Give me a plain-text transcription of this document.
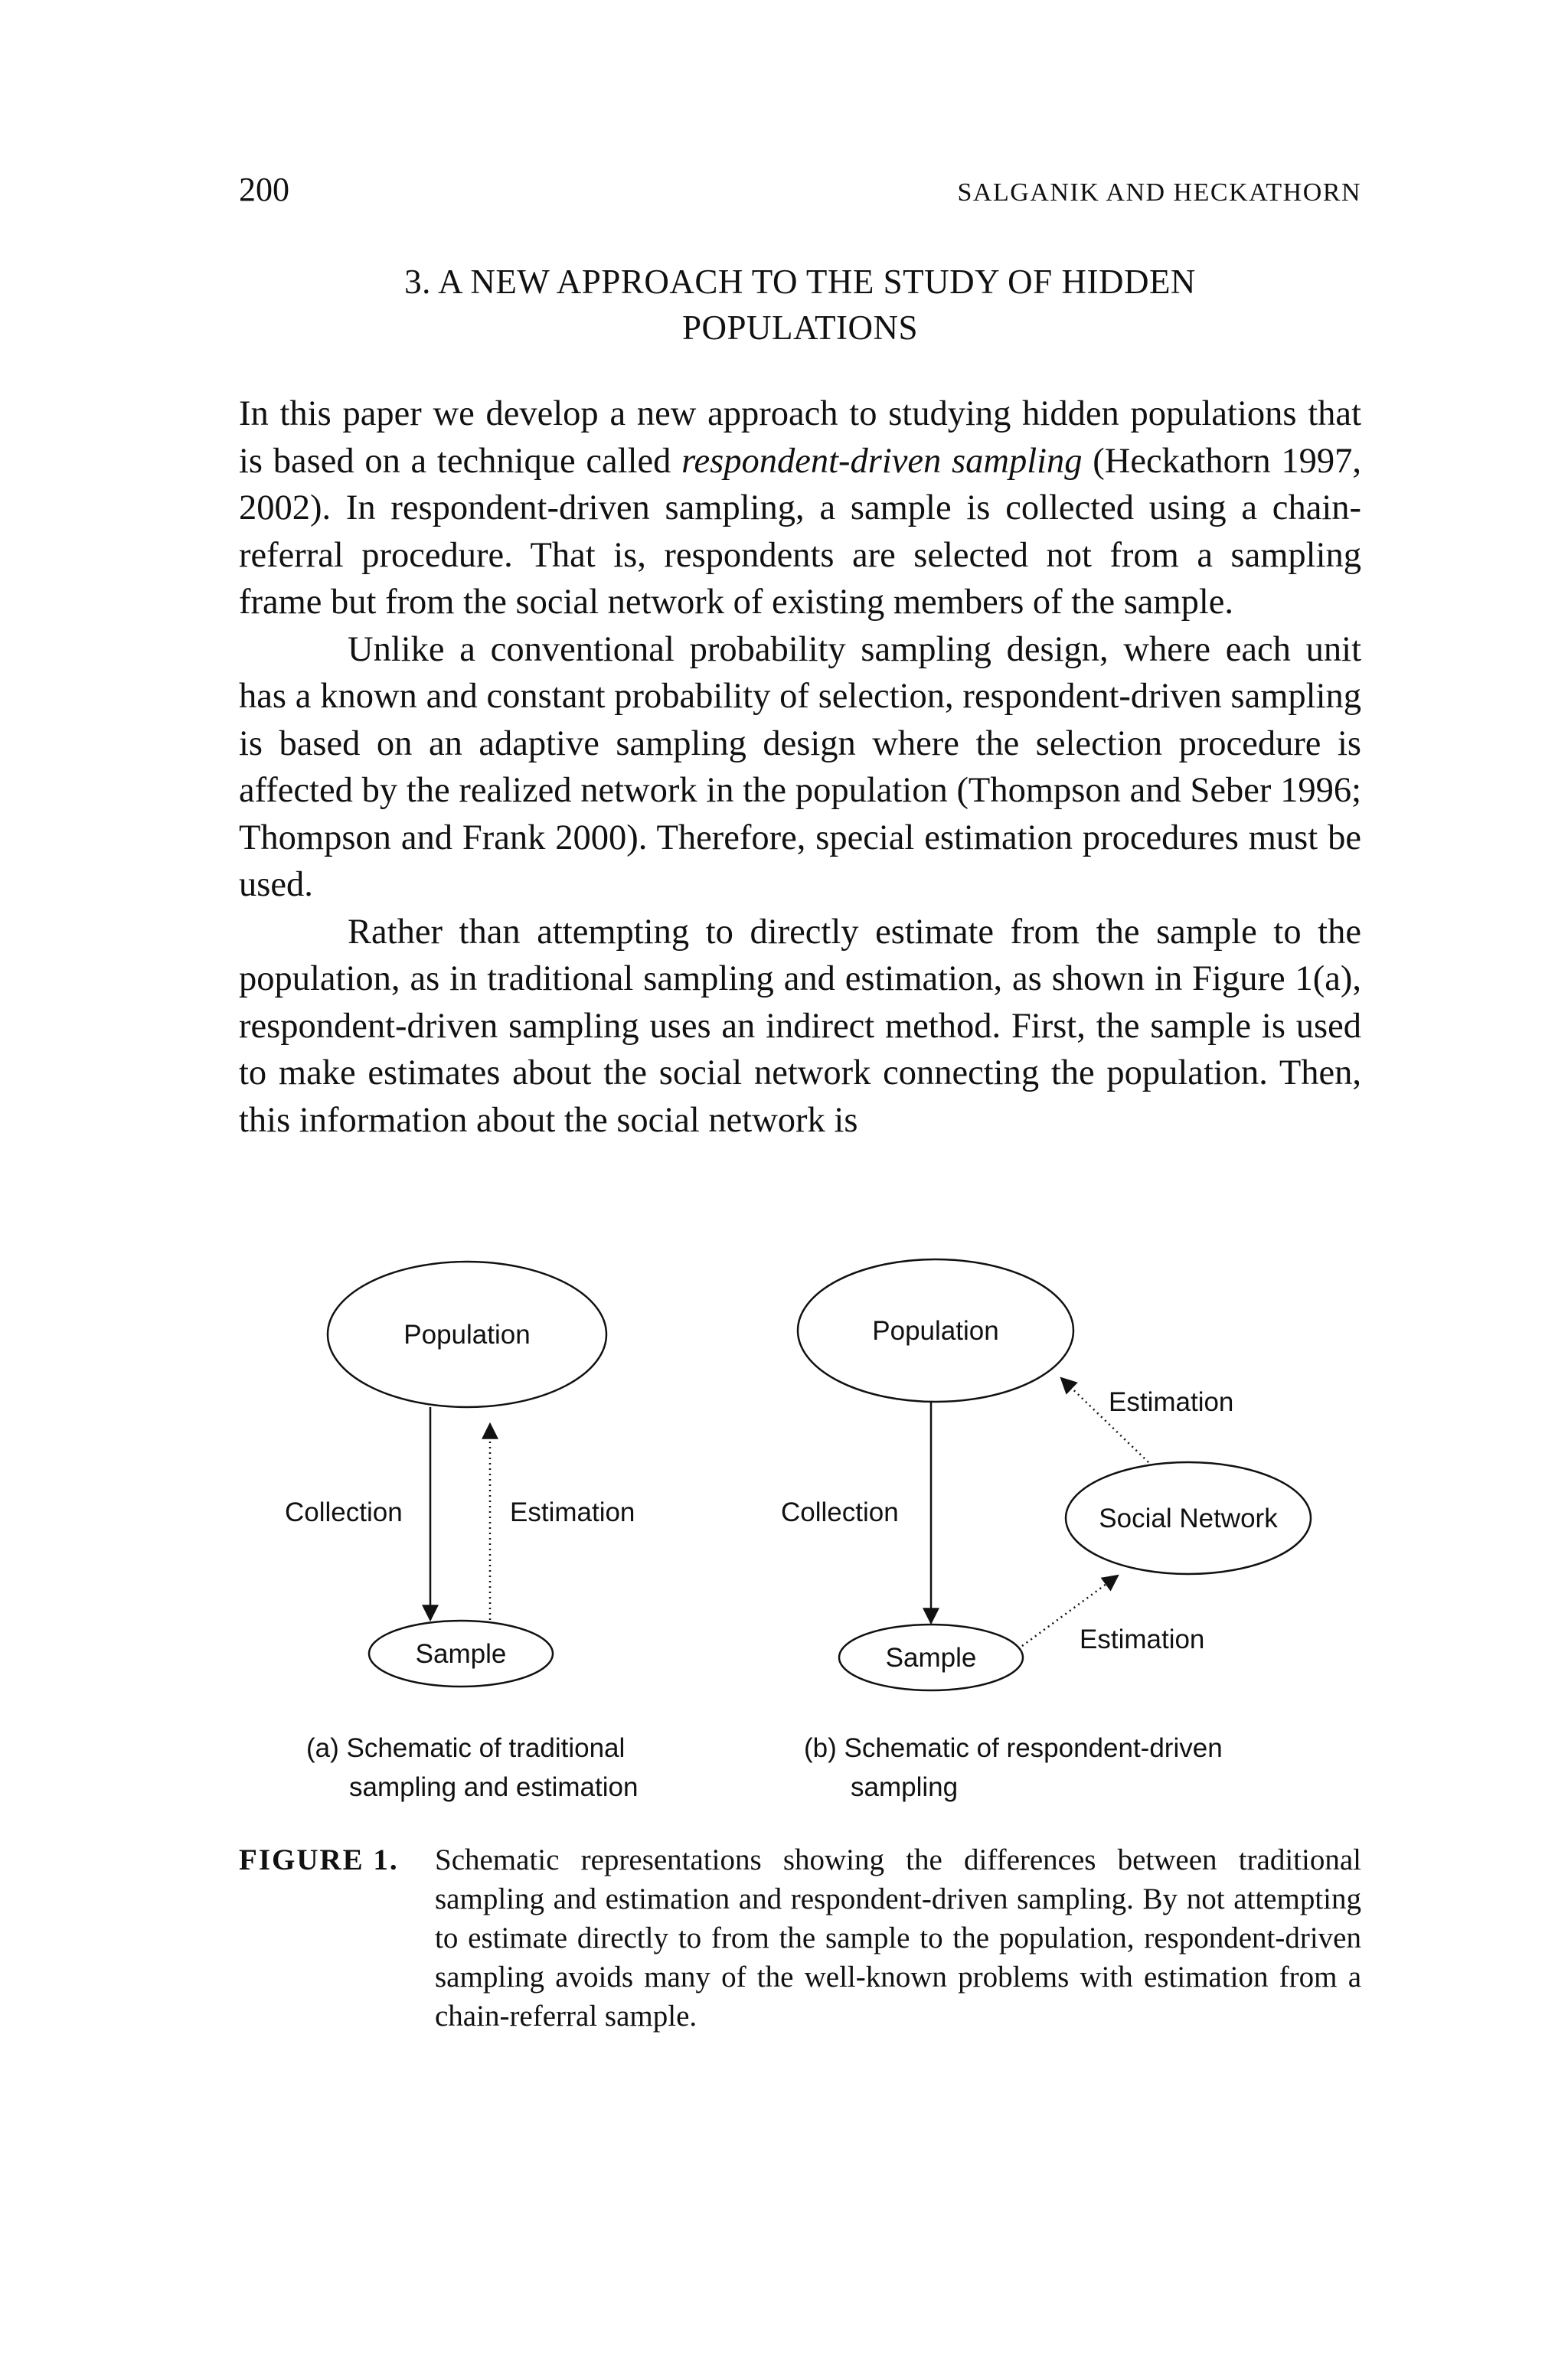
200	SALGANIK AND HECKATHORN
3. A NEW APPROACH TO THE STUDY OF HIDDEN
POPULATIONS

In this paper we develop a new approach to studying hidden populations that is based on a technique called respondent-driven sampling (Heckathorn 1997, 2002). In respondent-driven sampling, a sample is collected using a chain-referral procedure. That is, respondents are selected not from a sampling frame but from the social network of existing members of the sample.

Unlike a conventional probability sampling design, where each unit has a known and constant probability of selection, respondent-driven sampling is based on an adaptive sampling design where the selection procedure is affected by the realized network in the population (Thompson and Seber 1996; Thompson and Frank 2000). Therefore, special estimation procedures must be used.

Rather than attempting to directly estimate from the sample to the population, as in traditional sampling and estimation, as shown in Figure 1(a), respondent-driven sampling uses an indirect method. First, the sample is used to make estimates about the social network connecting the population. Then, this information about the social network is

Population
Sample
Collection	Estimation
(a) Schematic of traditional
sampling and estimation
Population
Social Network
Sample
Collection
Estimation
Estimation
(b) Schematic of respondent-driven
sampling
FIGURE 1.	Schematic representations showing the differences between traditional sampling and estimation and respondent-driven sampling. By not attempting to estimate directly to from the sample to the population, respondent-driven sampling avoids many of the well-known problems with estimation from a chain-referral sample.
